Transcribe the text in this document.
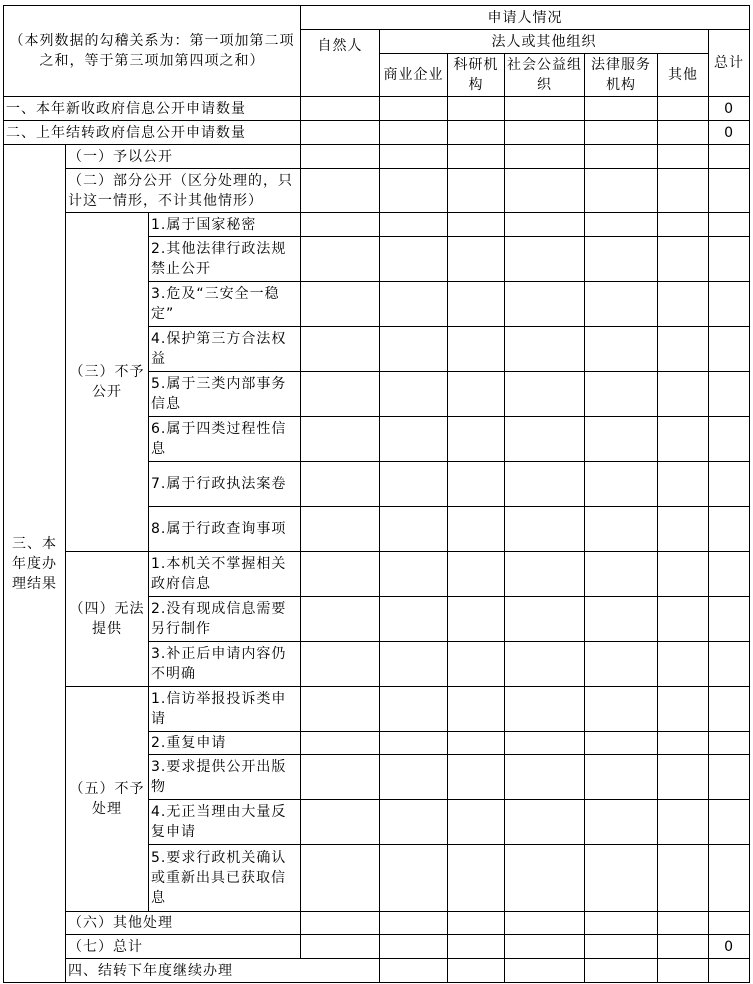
（本列数据的勾稽关系为：第一项加第二项之和，等于第三项加第四项之和）			申请人情况							
			自然人	法人或其他组织					总计	
				商业企业	科研机构	社会公益组织	法律服务机构	其他		
一、本年新收政府信息公开申请数量									0	
二、上年结转政府信息公开申请数量									0	
三、本年度办理结果	（一）予以公开									
	（二）部分公开（区分处理的，只计这一情形，不计其他情形）									
	（三）不予公开	1.属于国家秘密								
		2.其他法律行政法规禁止公开								
		3.危及“三安全一稳定”								
		4.保护第三方合法权益								
		5.属于三类内部事务信息								
		6.属于四类过程性信息								
		7.属于行政执法案卷								
		8.属于行政查询事项								
	（四）无法提供	1.本机关不掌握相关政府信息								
		2.没有现成信息需要另行制作								
		3.补正后申请内容仍不明确								
	（五）不予处理	1.信访举报投诉类申请								
		2.重复申请								
		3.要求提供公开出版物								
		4.无正当理由大量反复申请								
		5.要求行政机关确认或重新出具已获取信息								
	（六）其他处理									
	（七）总计								0	
	四、结转下年度继续办理									
